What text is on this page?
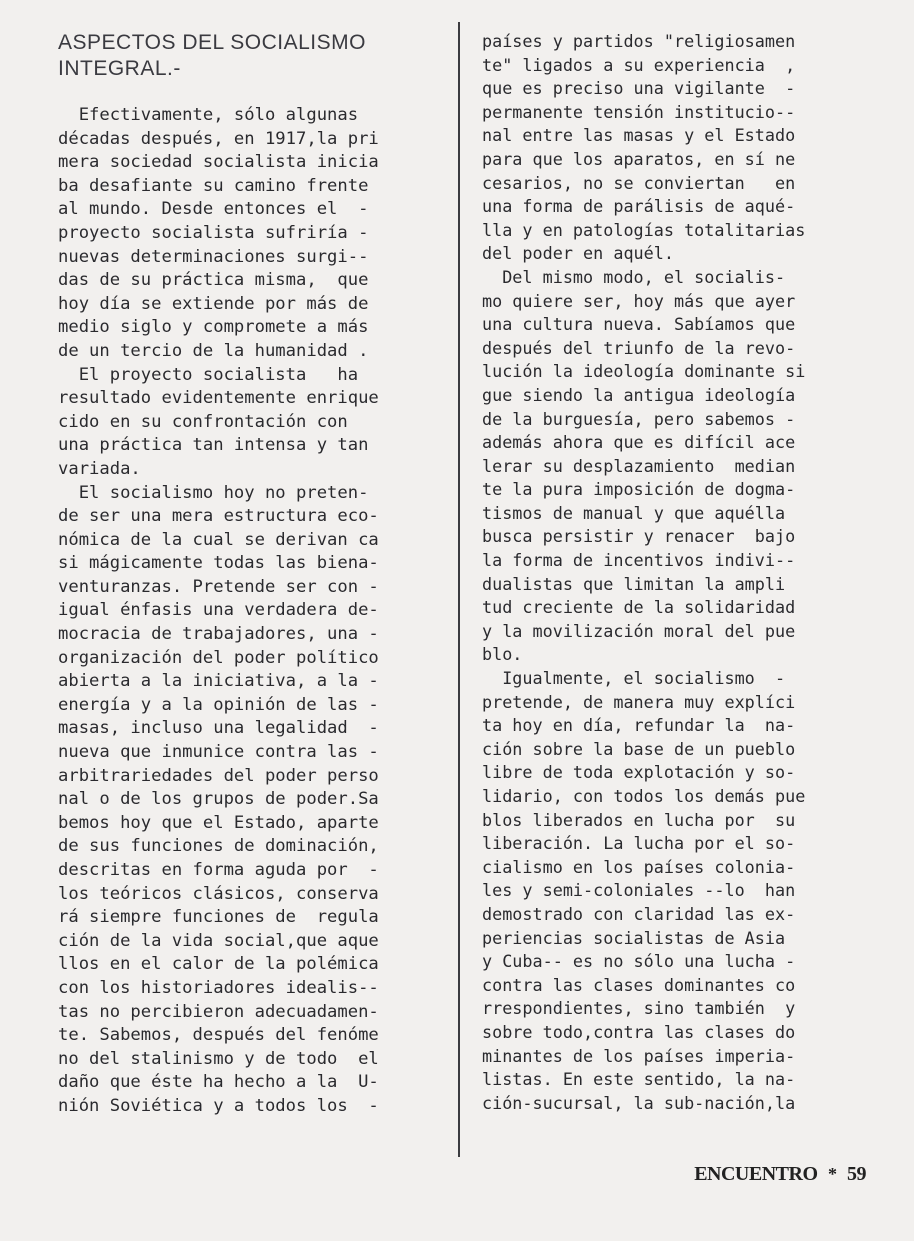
ASPECTOS DEL SOCIALISMO
INTEGRAL.-
Efectivamente, sólo algunas
décadas después, en 1917,la pri
mera sociedad socialista inicia
ba desafiante su camino frente
al mundo. Desde entonces el  -
proyecto socialista sufriría -
nuevas determinaciones surgi--
das de su práctica misma,  que
hoy día se extiende por más de
medio siglo y compromete a más
de un tercio de la humanidad .
El proyecto socialista   ha
resultado evidentemente enrique
cido en su confrontación con
una práctica tan intensa y tan
variada.
El socialismo hoy no preten-
de ser una mera estructura eco-
nómica de la cual se derivan ca
si mágicamente todas las biena-
venturanzas. Pretende ser con -
igual énfasis una verdadera de-
mocracia de trabajadores, una -
organización del poder político
abierta a la iniciativa, a la -
energía y a la opinión de las -
masas, incluso una legalidad  -
nueva que inmunice contra las -
arbitrariedades del poder perso
nal o de los grupos de poder.Sa
bemos hoy que el Estado, aparte
de sus funciones de dominación,
descritas en forma aguda por  -
los teóricos clásicos, conserva
rá siempre funciones de  regula
ción de la vida social,que aque
llos en el calor de la polémica
con los historiadores idealis--
tas no percibieron adecuadamen-
te. Sabemos, después del fenóme
no del stalinismo y de todo  el
daño que éste ha hecho a la  U-
nión Soviética y a todos los  -
países y partidos "religiosamen
te" ligados a su experiencia  ,
que es preciso una vigilante  -
permanente tensión institucio--
nal entre las masas y el Estado
para que los aparatos, en sí ne
cesarios, no se conviertan   en
una forma de parálisis de aqué-
lla y en patologías totalitarias
del poder en aquél.
Del mismo modo, el socialis-
mo quiere ser, hoy más que ayer
una cultura nueva. Sabíamos que
después del triunfo de la revo-
lución la ideología dominante si
gue siendo la antigua ideología
de la burguesía, pero sabemos -
además ahora que es difícil ace
lerar su desplazamiento  median
te la pura imposición de dogma-
tismos de manual y que aquélla
busca persistir y renacer  bajo
la forma de incentivos indivi--
dualistas que limitan la ampli
tud creciente de la solidaridad
y la movilización moral del pue
blo.
Igualmente, el socialismo  -
pretende, de manera muy explíci
ta hoy en día, refundar la  na-
ción sobre la base de un pueblo
libre de toda explotación y so-
lidario, con todos los demás pue
blos liberados en lucha por  su
liberación. La lucha por el so-
cialismo en los países colonia-
les y semi-coloniales --lo  han
demostrado con claridad las ex-
periencias socialistas de Asia
y Cuba-- es no sólo una lucha -
contra las clases dominantes co
rrespondientes, sino también  y
sobre todo,contra las clases do
minantes de los países imperia-
listas. En este sentido, la na-
ción-sucursal, la sub-nación,la
ENCUENTRO * 59
